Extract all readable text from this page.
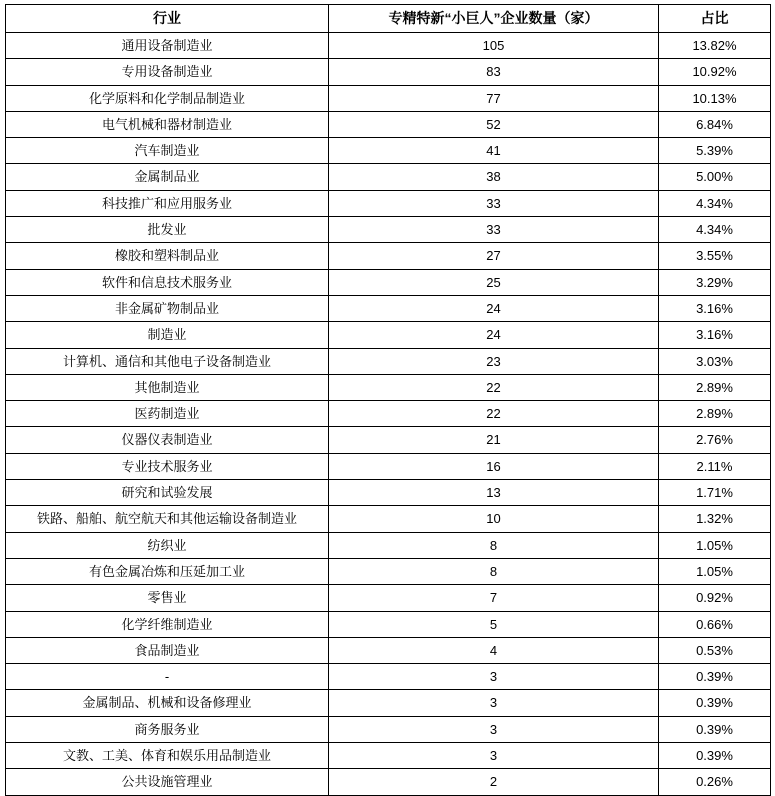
行业	专精特新“小巨人”企业数量（家）	占比
通用设备制造业	105	13.82%
专用设备制造业	83	10.92%
化学原料和化学制品制造业	77	10.13%
电气机械和器材制造业	52	6.84%
汽车制造业	41	5.39%
金属制品业	38	5.00%
科技推广和应用服务业	33	4.34%
批发业	33	4.34%
橡胶和塑料制品业	27	3.55%
软件和信息技术服务业	25	3.29%
非金属矿物制品业	24	3.16%
制造业	24	3.16%
计算机、通信和其他电子设备制造业	23	3.03%
其他制造业	22	2.89%
医药制造业	22	2.89%
仪器仪表制造业	21	2.76%
专业技术服务业	16	2.11%
研究和试验发展	13	1.71%
铁路、船舶、航空航天和其他运输设备制造业	10	1.32%
纺织业	8	1.05%
有色金属冶炼和压延加工业	8	1.05%
零售业	7	0.92%
化学纤维制造业	5	0.66%
食品制造业	4	0.53%
-	3	0.39%
金属制品、机械和设备修理业	3	0.39%
商务服务业	3	0.39%
文教、工美、体育和娱乐用品制造业	3	0.39%
公共设施管理业	2	0.26%
